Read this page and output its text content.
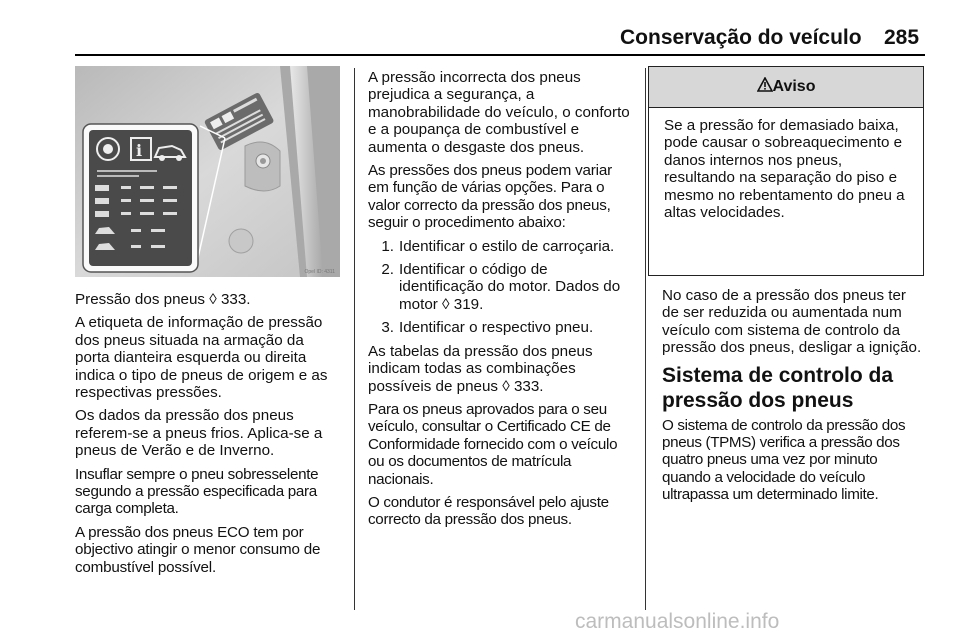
Conservação do veículo 285
i
Opel ID: 4311

Pressão dos pneus ◊ 333.

A etiqueta de informação de pressão dos pneus situada na armação da porta dianteira esquerda ou direita indica o tipo de pneus de origem e as respectivas pressões.

Os dados da pressão dos pneus referem-se a pneus frios. Aplica-se a pneus de Verão e de Inverno.

Insuflar sempre o pneu sobresselente segundo a pressão especificada para carga completa.

A pressão dos pneus ECO tem por objectivo atingir o menor consumo de combustível possível.

A pressão incorrecta dos pneus prejudica a segurança, a manobrabilidade do veículo, o conforto e a poupança de combustível e aumenta o desgaste dos pneus.

As pressões dos pneus podem variar em função de várias opções. Para o valor correcto da pressão dos pneus, seguir o procedimento abaixo:

1. Identificar o estilo de carroçaria.
2. Identificar o código de identificação do motor. Dados do motor ◊ 319.
3. Identificar o respectivo pneu.

As tabelas da pressão dos pneus indicam todas as combinações possíveis de pneus ◊ 333.

Para os pneus aprovados para o seu veículo, consultar o Certificado CE de Conformidade fornecido com o veículo ou os documentos de matrícula nacionais.

O condutor é responsável pelo ajuste correcto da pressão dos pneus.

Aviso
Se a pressão for demasiado baixa, pode causar o sobreaquecimento e danos internos nos pneus, resultando na separação do piso e mesmo no rebentamento do pneu a altas velocidades.

No caso de a pressão dos pneus ter de ser reduzida ou aumentada num veículo com sistema de controlo da pressão dos pneus, desligar a ignição.

Sistema de controlo da pressão dos pneus

O sistema de controlo da pressão dos pneus (TPMS) verifica a pressão dos quatro pneus uma vez por minuto quando a velocidade do veículo ultrapassa um determinado limite.

carmanualsonline.info
